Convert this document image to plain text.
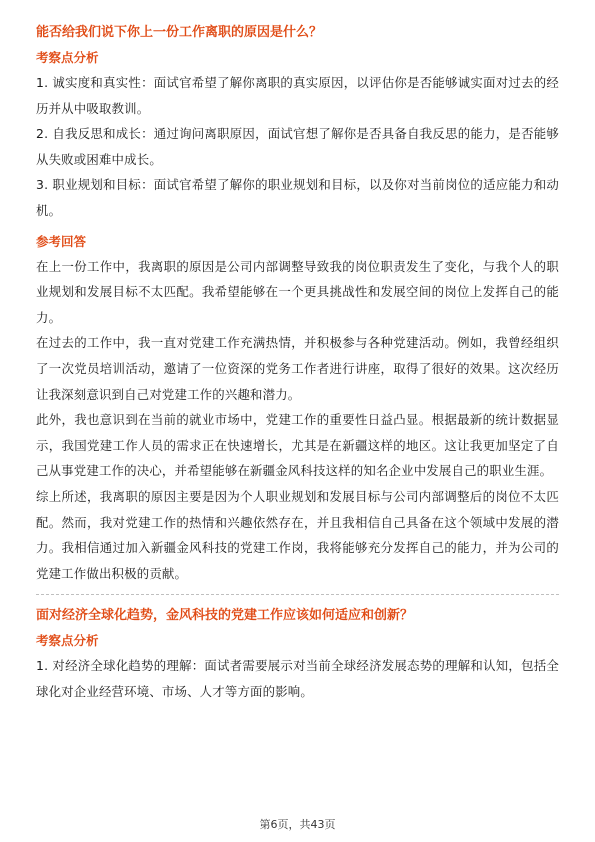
能否给我们说下你上一份工作离职的原因是什么？
考察点分析

1. 诚实度和真实性：面试官希望了解你离职的真实原因，以评估你是否能够诚实面对过去的经历并从中吸取教训。

2. 自我反思和成长：通过询问离职原因，面试官想了解你是否具备自我反思的能力，是否能够从失败或困难中成长。

3. 职业规划和目标：面试官希望了解你的职业规划和目标，以及你对当前岗位的适应能力和动机。

参考回答

在上一份工作中，我离职的原因是公司内部调整导致我的岗位职责发生了变化，与我个人的职业规划和发展目标不太匹配。我希望能够在一个更具挑战性和发展空间的岗位上发挥自己的能力。

在过去的工作中，我一直对党建工作充满热情，并积极参与各种党建活动。例如，我曾经组织了一次党员培训活动，邀请了一位资深的党务工作者进行讲座，取得了很好的效果。这次经历让我深刻意识到自己对党建工作的兴趣和潜力。

此外，我也意识到在当前的就业市场中，党建工作的重要性日益凸显。根据最新的统计数据显示，我国党建工作人员的需求正在快速增长，尤其是在新疆这样的地区。这让我更加坚定了自己从事党建工作的决心，并希望能够在新疆金风科技这样的知名企业中发展自己的职业生涯。

综上所述，我离职的原因主要是因为个人职业规划和发展目标与公司内部调整后的岗位不太匹配。然而，我对党建工作的热情和兴趣依然存在，并且我相信自己具备在这个领域中发展的潜力。我相信通过加入新疆金风科技的党建工作岗，我将能够充分发挥自己的能力，并为公司的党建工作做出积极的贡献。

面对经济全球化趋势，金风科技的党建工作应该如何适应和创新？
考察点分析

1. 对经济全球化趋势的理解：面试者需要展示对当前全球经济发展态势的理解和认知，包括全球化对企业经营环境、市场、人才等方面的影响。

第6页，共43页
